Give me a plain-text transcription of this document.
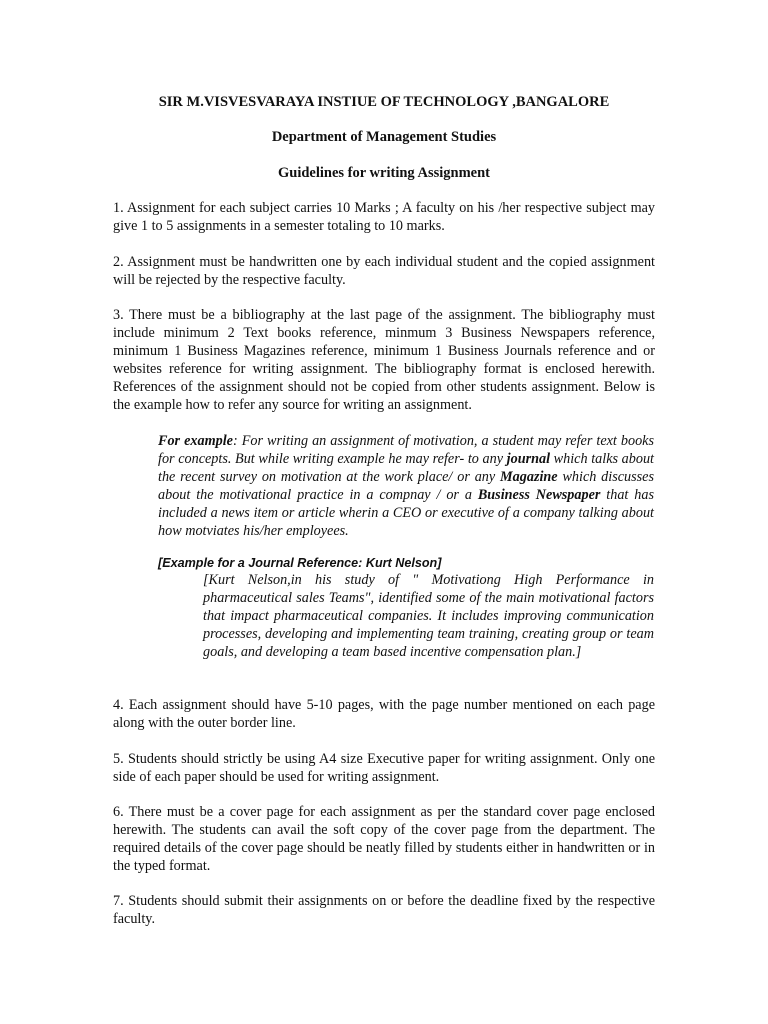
SIR M.VISVESVARAYA INSTIUE OF TECHNOLOGY ,BANGALORE
Department of Management Studies
Guidelines for writing Assignment
1. Assignment for each subject carries 10 Marks ; A faculty on his /her respective subject may give 1 to 5 assignments in a semester totaling to 10 marks.
2. Assignment must be handwritten one by each individual student and the copied assignment will be rejected by the respective faculty.
3. There must be a bibliography at the last page of the assignment. The bibliography must include minimum 2 Text books reference, minmum 3 Business Newspapers reference, minimum 1 Business Magazines reference, minimum 1 Business Journals reference and or websites reference for writing assignment. The bibliography format is enclosed herewith. References of the assignment should not be copied from other students assignment. Below is the example how to refer any source for writing an assignment.
For example: For writing an assignment of motivation, a student may refer text books for concepts. But while writing example he may refer- to any journal which talks about the recent survey on motivation at the work place/ or any Magazine which discusses about the motivational practice in a compnay / or a Business Newspaper that has included a news item or article wherin a CEO or executive of a company talking about how motviates his/her employees.
[Example for a Journal Reference: Kurt Nelson]
[Kurt Nelson,in his study of " Motivationg High Performance in pharmaceutical sales Teams", identified some of the main motivational factors that impact pharmaceutical companies. It includes improving communication processes, developing and implementing team training, creating group or team goals, and developing a team based incentive compensation plan.]
4. Each assignment should have 5-10 pages, with the page number mentioned on each page along with the outer border line.
5. Students should strictly be using A4 size Executive paper for writing assignment. Only one side of each paper should be used for writing assignment.
6. There must be a cover page for each assignment as per the standard cover page enclosed herewith. The students can avail the soft copy of the cover page from the department. The required details of the cover page should be neatly filled by students either in handwritten or in the typed format.
7. Students should submit their assignments on or before the deadline fixed by the respective faculty.
